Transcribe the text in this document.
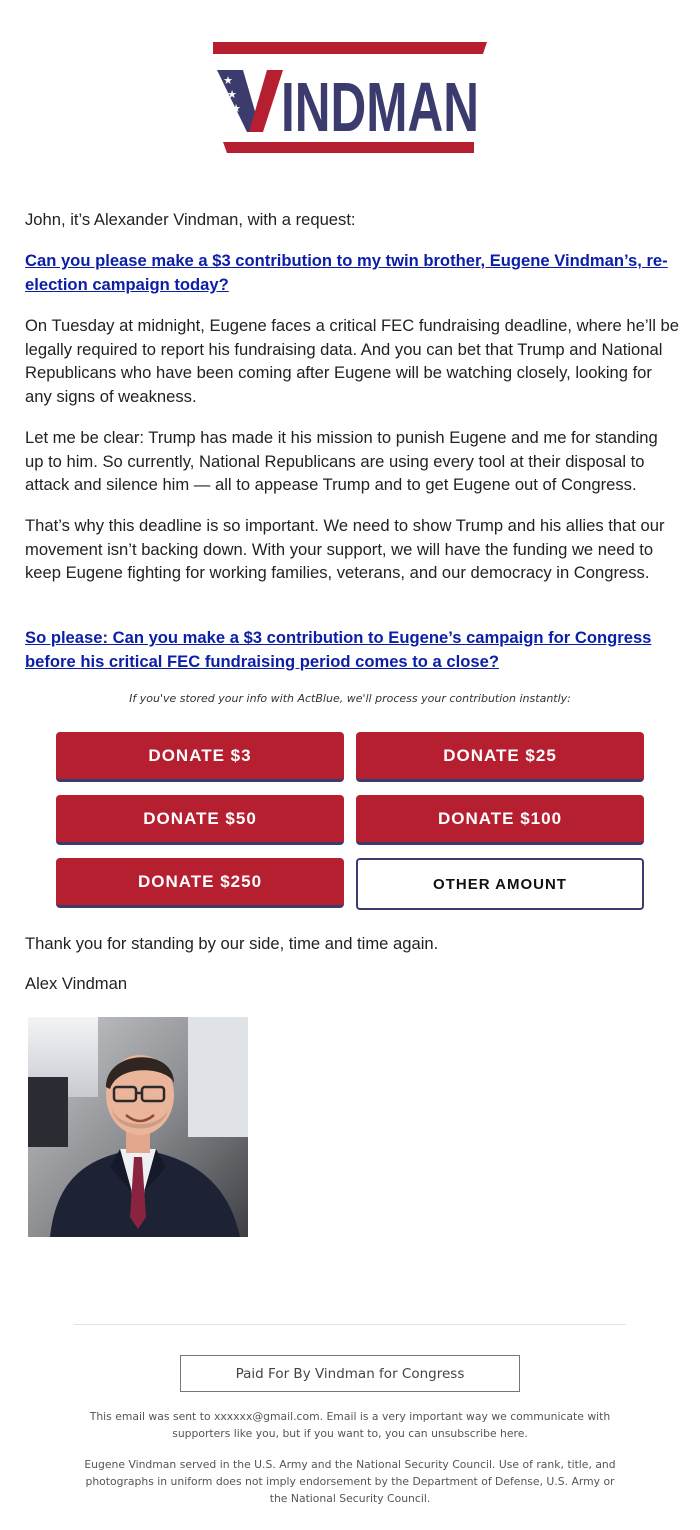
★
★
★ INDMAN
John, it’s Alexander Vindman, with a request:
Can you please make a $3 contribution to my twin brother, Eugene Vindman’s, re-election campaign today?
On Tuesday at midnight, Eugene faces a critical FEC fundraising deadline, where he’ll be legally required to report his fundraising data. And you can bet that Trump and National Republicans who have been coming after Eugene will be watching closely, looking for any signs of weakness.
Let me be clear: Trump has made it his mission to punish Eugene and me for standing up to him. So currently, National Republicans are using every tool at their disposal to attack and silence him — all to appease Trump and to get Eugene out of Congress.
That’s why this deadline is so important. We need to show Trump and his allies that our movement isn’t backing down. With your support, we will have the funding we need to keep Eugene fighting for working families, veterans, and our democracy in Congress.
So please: Can you make a $3 contribution to Eugene’s campaign for Congress before his critical FEC fundraising period comes to a close?
If you've stored your info with ActBlue, we'll process your contribution instantly:
DONATE $3	DONATE $25
DONATE $50	DONATE $100
DONATE $250	OTHER AMOUNT
Thank you for standing by our side, time and time again.
Alex Vindman
Paid For By Vindman for Congress
This email was sent to xxxxxx@gmail.com. Email is a very important way we communicate with supporters like you, but if you want to, you can unsubscribe here.
Eugene Vindman served in the U.S. Army and the National Security Council. Use of rank, title, and photographs in uniform does not imply endorsement by the Department of Defense, U.S. Army or the National Security Council.
